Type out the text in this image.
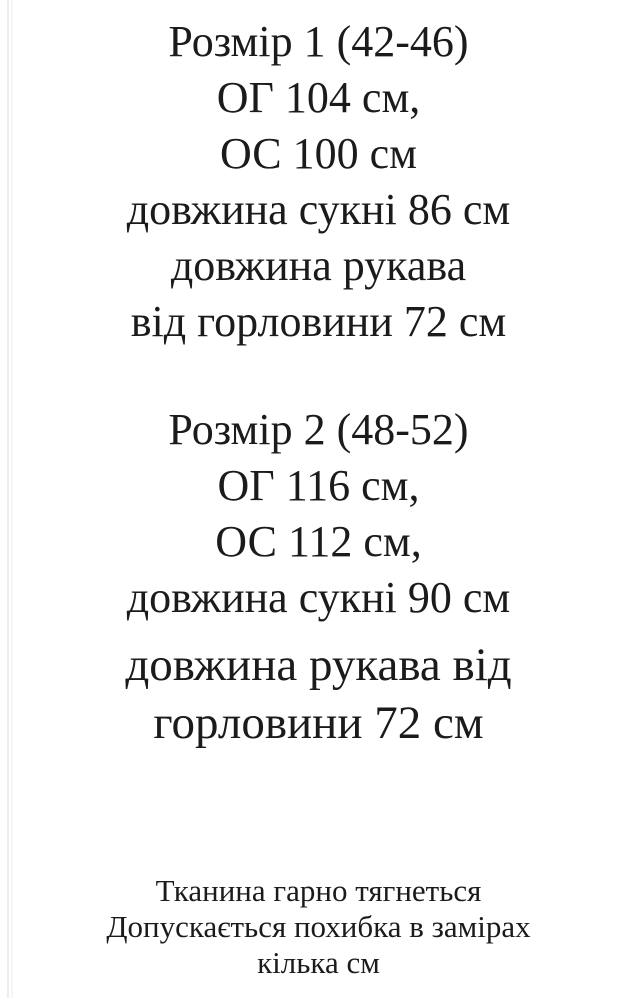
Розмір 1 (42-46)
ОГ 104 см,
ОС 100 см
довжина сукні 86 см
довжина рукава
від горловини 72 см
Розмір 2 (48-52)
ОГ 116 см,
ОС 112 см,
довжина сукні 90 см
довжина рукава від
горловини 72 см
Тканина гарно тягнеться
Допускається похибка в замірах
кілька см
